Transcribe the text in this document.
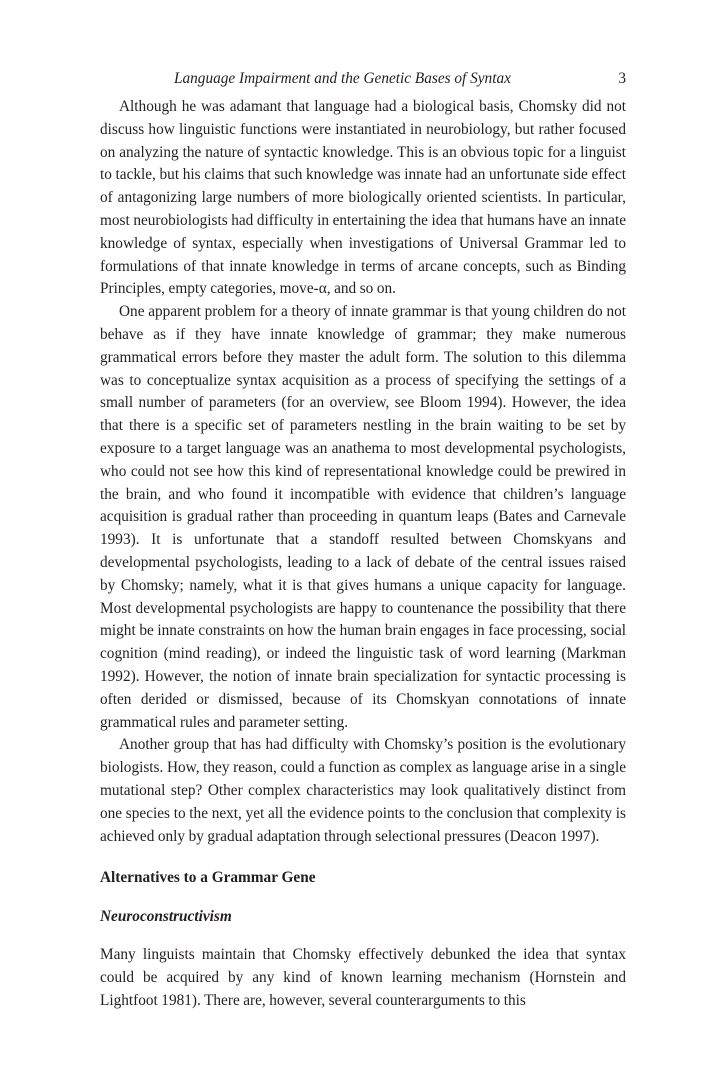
Language Impairment and the Genetic Bases of Syntax	3

Although he was adamant that language had a biological basis, Chomsky did not discuss how linguistic functions were instantiated in neurobiology, but rather focused on analyzing the nature of syntactic knowledge. This is an obvious topic for a linguist to tackle, but his claims that such knowledge was innate had an unfortunate side effect of antagonizing large numbers of more biologically oriented scientists. In particular, most neurobiologists had difficulty in entertaining the idea that humans have an innate knowledge of syntax, especially when investigations of Universal Grammar led to formulations of that innate knowledge in terms of arcane concepts, such as Binding Principles, empty categories, move-α, and so on.

One apparent problem for a theory of innate grammar is that young children do not behave as if they have innate knowledge of grammar; they make numerous grammatical errors before they master the adult form. The solution to this dilemma was to conceptualize syntax acquisition as a process of specifying the settings of a small number of parameters (for an overview, see Bloom 1994). However, the idea that there is a specific set of parameters nestling in the brain waiting to be set by exposure to a target language was an anathema to most developmental psychologists, who could not see how this kind of representational knowledge could be prewired in the brain, and who found it incompatible with evidence that children’s language acquisition is gradual rather than proceeding in quantum leaps (Bates and Carnevale 1993). It is unfortunate that a standoff resulted between Chomskyans and developmental psychologists, leading to a lack of debate of the central issues raised by Chomsky; namely, what it is that gives humans a unique capacity for language. Most developmental psychologists are happy to countenance the possibility that there might be innate constraints on how the human brain engages in face processing, social cognition (mind reading), or indeed the linguistic task of word learning (Markman 1992). However, the notion of innate brain specialization for syntactic processing is often derided or dismissed, because of its Chomskyan connotations of innate grammatical rules and parameter setting.

Another group that has had difficulty with Chomsky’s position is the evolutionary biologists. How, they reason, could a function as complex as language arise in a single mutational step? Other complex characteristics may look qualitatively distinct from one species to the next, yet all the evidence points to the conclusion that complexity is achieved only by gradual adaptation through selectional pressures (Deacon 1997).

Alternatives to a Grammar Gene
Neuroconstructivism

Many linguists maintain that Chomsky effectively debunked the idea that syntax could be acquired by any kind of known learning mechanism (Hornstein and Lightfoot 1981). There are, however, several counterarguments to this
